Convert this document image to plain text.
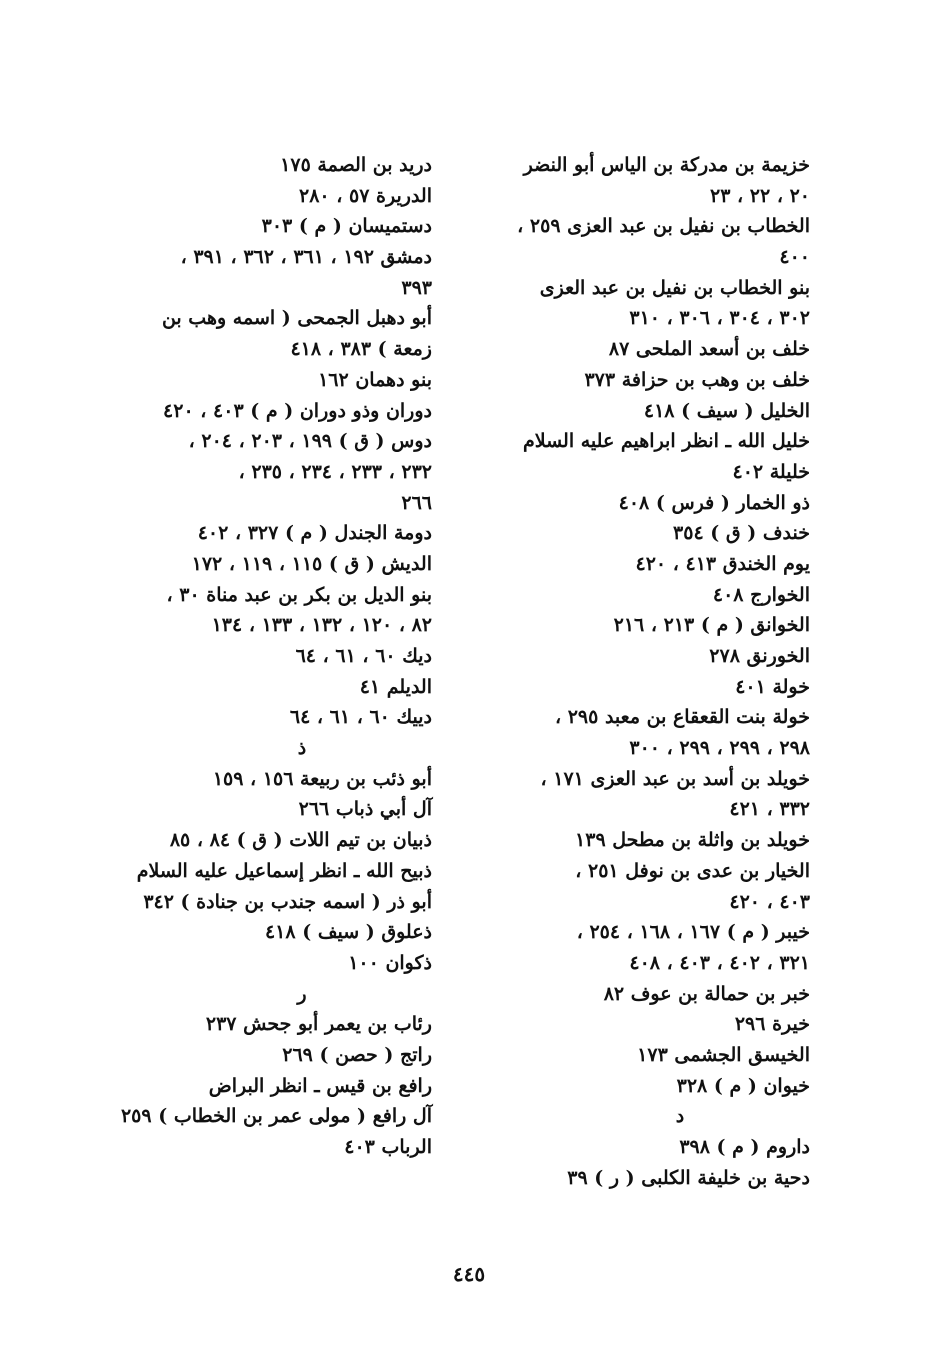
خزيمة بن مدركة بن الياس أبو النضر
٢٠ ، ٢٢ ، ٢٣
الخطاب بن نفيل بن عبد العزى ٢٥٩ ،
٤٠٠
بنو الخطاب بن نفيل بن عبد العزى
٣٠٢ ، ٣٠٤ ، ٣٠٦ ، ٣١٠
خلف بن أسعد الملحى ٨٧
خلف بن وهب بن حزافة ٣٧٣
الخليل ( سيف ) ٤١٨
خليل الله ـ انظر ابراهيم عليه السلام
خليلة ٤٠٢
ذو الخمار ( فرس ) ٤٠٨
خندف ( ق ) ٣٥٤
يوم الخندق ٤١٣ ، ٤٢٠
الخوارج ٤٠٨
الخوانق ( م ) ٢١٣ ، ٢١٦
الخورنق ٢٧٨
خولة ٤٠١
خولة بنت القعقاع بن معبد ٢٩٥ ،
٢٩٨ ، ٢٩٩ ، ٢٩٩ ، ٣٠٠
خويلد بن أسد بن عبد العزى ١٧١ ،
٣٣٢ ، ٤٢١
خويلد بن واثلة بن مطحل ١٣٩
الخيار بن عدى بن نوفل ٢٥١ ،
٤٠٣ ، ٤٢٠
خيبر ( م ) ١٦٧ ، ١٦٨ ، ٢٥٤ ،
٣٢١ ، ٤٠٢ ، ٤٠٣ ، ٤٠٨
خبر بن حمالة بن عوف ٨٢
خيرة ٢٩٦
الخيسق الجشمى ١٧٣
خيوان ( م ) ٣٢٨
د
داروم ( م ) ٣٩٨
دحية بن خليفة الكلبى ( ر ) ٣٩
دريد بن الصمة ١٧٥
الدريرة ٥٧ ، ٢٨٠
دستميسان ( م ) ٣٠٣
دمشق ١٩٢ ، ٣٦١ ، ٣٦٢ ، ٣٩١ ،
٣٩٣
أبو دهبل الجمحى ( اسمه وهب بن
زمعة ) ٣٨٣ ، ٤١٨
بنو دهمان ١٦٢
دوران وذو دوران ( م ) ٤٠٣ ، ٤٢٠
دوس ( ق ) ١٩٩ ، ٢٠٣ ، ٢٠٤ ،
٢٣٢ ، ٢٣٣ ، ٢٣٤ ، ٢٣٥ ،
٢٦٦
دومة الجندل ( م ) ٣٢٧ ، ٤٠٢
الديش ( ق ) ١١٥ ، ١١٩ ، ١٧٢
بنو الديل بن بكر بن عبد مناة ٣٠ ،
٨٢ ، ١٢٠ ، ١٣٢ ، ١٣٣ ، ١٣٤
ديك ٦٠ ، ٦١ ، ٦٤
الديلم ٤١
دييك ٦٠ ، ٦١ ، ٦٤
ذ
أبو ذئب بن ربيعة ١٥٦ ، ١٥٩
آل أبي ذباب ٢٦٦
ذبيان بن تيم اللات ( ق ) ٨٤ ، ٨٥
ذبيح الله ـ انظر إسماعيل عليه السلام
أبو ذر ( اسمه جندب بن جنادة ) ٣٤٢
ذعلوق ( سيف ) ٤١٨
ذكوان ١٠٠
ر
رئاب بن يعمر أبو جحش ٢٣٧
راتج ( حصن ) ٢٦٩
رافع بن قيس ـ انظر البراض
آل رافع ( مولى عمر بن الخطاب ) ٢٥٩
الرباب ٤٠٣
٤٤٥
